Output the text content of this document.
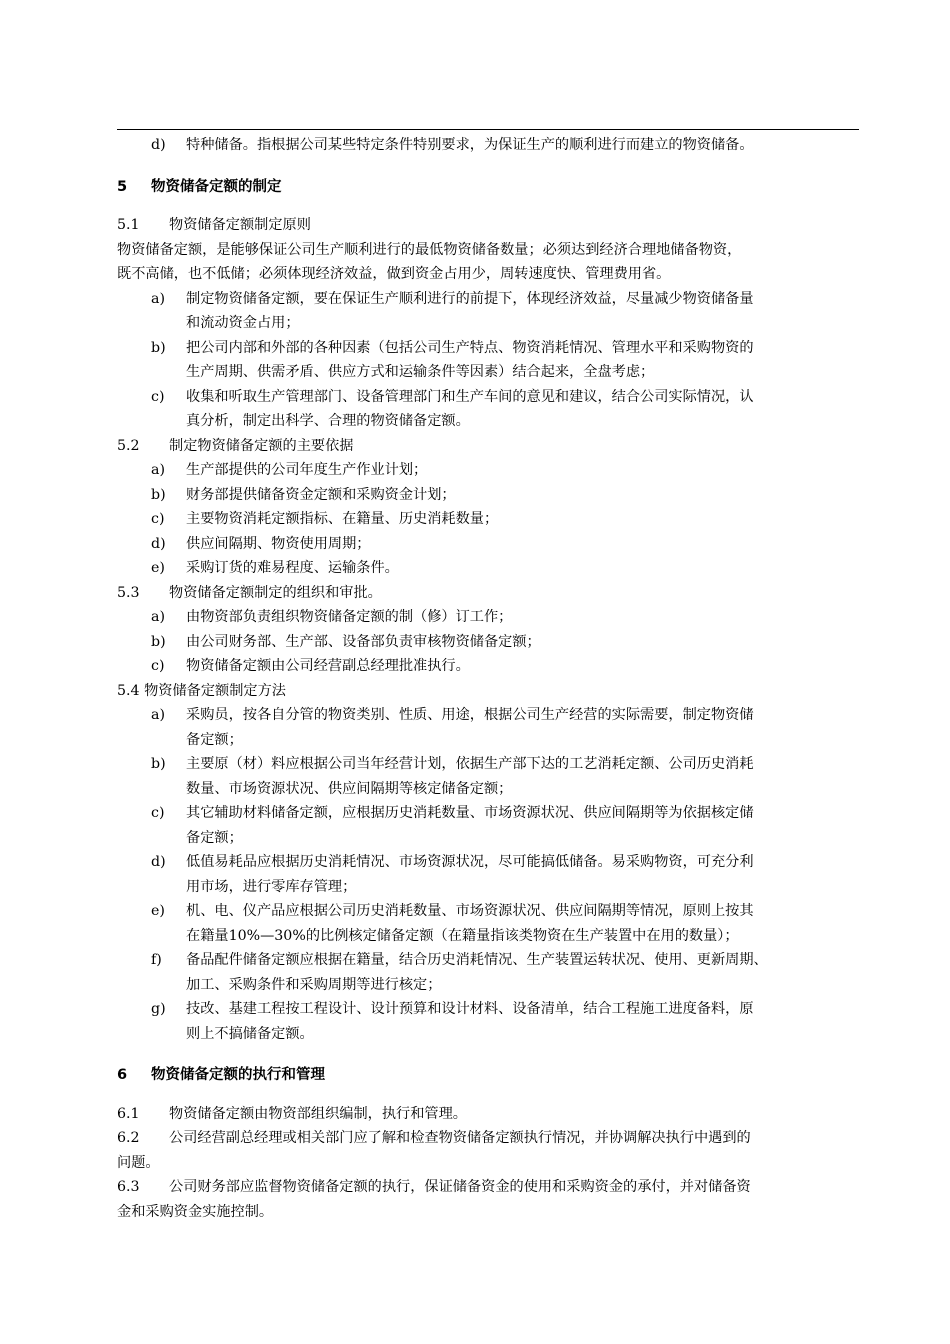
d) 特种储备。指根据公司某些特定条件特别要求，为保证生产的顺利进行而建立的物资储备。
5 物资储备定额的制定
5.1 物资储备定额制定原则
物资储备定额，是能够保证公司生产顺利进行的最低物资储备数量；必须达到经济合理地储备物资，
既不高储，也不低储；必须体现经济效益，做到资金占用少，周转速度快、管理费用省。
a) 制定物资储备定额，要在保证生产顺利进行的前提下，体现经济效益，尽量减少物资储备量
和流动资金占用；
b) 把公司内部和外部的各种因素（包括公司生产特点、物资消耗情况、管理水平和采购物资的
生产周期、供需矛盾、供应方式和运输条件等因素）结合起来，全盘考虑；
c) 收集和听取生产管理部门、设备管理部门和生产车间的意见和建议，结合公司实际情况，认
真分析，制定出科学、合理的物资储备定额。
5.2 制定物资储备定额的主要依据
a) 生产部提供的公司年度生产作业计划；
b) 财务部提供储备资金定额和采购资金计划；
c) 主要物资消耗定额指标、在籍量、历史消耗数量；
d) 供应间隔期、物资使用周期；
e) 采购订货的难易程度、运输条件。
5.3 物资储备定额制定的组织和审批。
a) 由物资部负责组织物资储备定额的制（修）订工作；
b) 由公司财务部、生产部、设备部负责审核物资储备定额；
c) 物资储备定额由公司经营副总经理批准执行。
5.4 物资储备定额制定方法
a) 采购员，按各自分管的物资类别、性质、用途，根据公司生产经营的实际需要，制定物资储
备定额；
b) 主要原（材）料应根据公司当年经营计划，依据生产部下达的工艺消耗定额、公司历史消耗
数量、市场资源状况、供应间隔期等核定储备定额；
c) 其它辅助材料储备定额，应根据历史消耗数量、市场资源状况、供应间隔期等为依据核定储
备定额；
d) 低值易耗品应根据历史消耗情况、市场资源状况，尽可能搞低储备。易采购物资，可充分利
用市场，进行零库存管理；
e) 机、电、仪产品应根据公司历史消耗数量、市场资源状况、供应间隔期等情况，原则上按其
在籍量10%—30%的比例核定储备定额（在籍量指该类物资在生产装置中在用的数量）；
f) 备品配件储备定额应根据在籍量，结合历史消耗情况、生产装置运转状况、使用、更新周期、
加工、采购条件和采购周期等进行核定；
g) 技改、基建工程按工程设计、设计预算和设计材料、设备清单，结合工程施工进度备料，原
则上不搞储备定额。
6 物资储备定额的执行和管理
6.1 物资储备定额由物资部组织编制，执行和管理。
6.2 公司经营副总经理或相关部门应了解和检查物资储备定额执行情况，并协调解决执行中遇到的
问题。
6.3 公司财务部应监督物资储备定额的执行，保证储备资金的使用和采购资金的承付，并对储备资
金和采购资金实施控制。
